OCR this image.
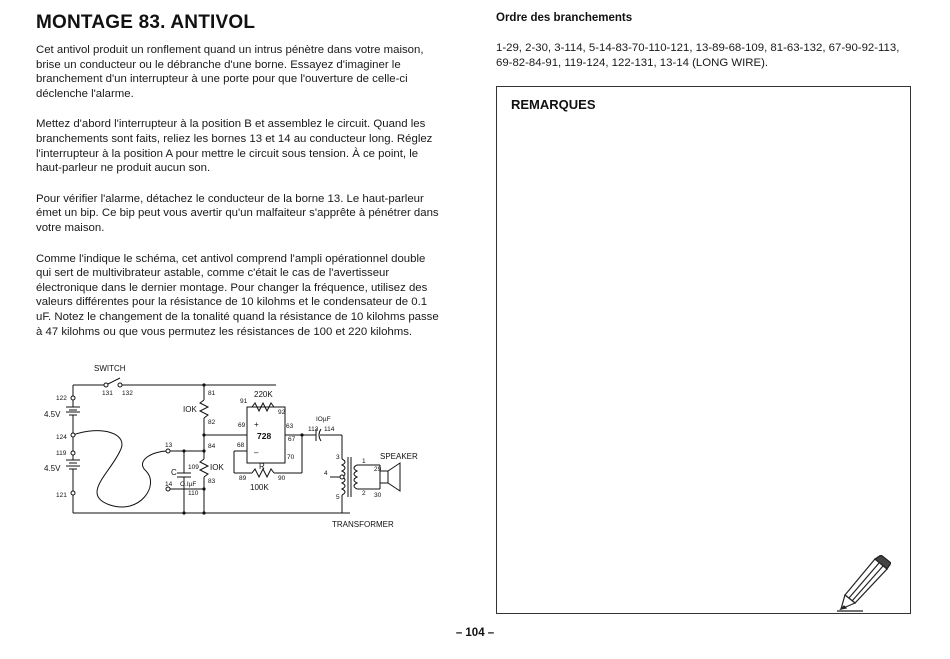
MONTAGE 83. ANTIVOL

Cet antivol produit un ronflement quand un intrus pénètre dans votre maison, brise un conducteur ou le débranche d'une borne. Essayez d'imaginer le branchement d'un interrupteur à une porte pour que l'ouverture de celle-ci déclenche l'alarme.

Mettez d'abord l'interrupteur à la position B et assemblez le circuit. Quand les branchements sont faits, reliez les bornes 13 et 14 au conducteur long. Réglez l'interrupteur à la position A pour mettre le circuit sous tension. À ce point, le haut-parleur ne produit aucun son.

Pour vérifier l'alarme, détachez le conducteur de la borne 13. Le haut-parleur émet un bip. Ce bip peut vous avertir qu'un malfaiteur s'apprête à pénétrer dans votre maison.

Comme l'indique le schéma, cet antivol comprend l'ampli opérationnel double qui sert de multivibrateur astable, comme c'était le cas de l'avertisseur électronique dans le dernier montage. Pour changer la fréquence, utilisez des valeurs différentes pour la résistance de 10 kilohms et le condensateur de 0.1 uF. Notez le changement de la tonalité quand la résistance de 10 kilohms passe à 47 kilohms ou que vous permutez les résistances de 100 et 220 kilohms.

Ordre des branchements

1-29, 2-30, 3-114, 5-14-83-70-110-121, 13-89-68-109, 81-63-132, 67-90-92-113, 69-82-84-91, 119-124, 122-131, 13-14 (LONG WIRE).

REMARQUES
– 104 –
SWITCH
131 132
122
4.5V
124
119
4.5V
121
13
14
C
O.IµF
109
110
IOK
IOK
81
82
84
83
220K
100K
R
728
+
–
91
92
69	63
67
68
70
89	90
IOµF
113 114
3
4
5
1
2
29
30
SPEAKER
TRANSFORMER
